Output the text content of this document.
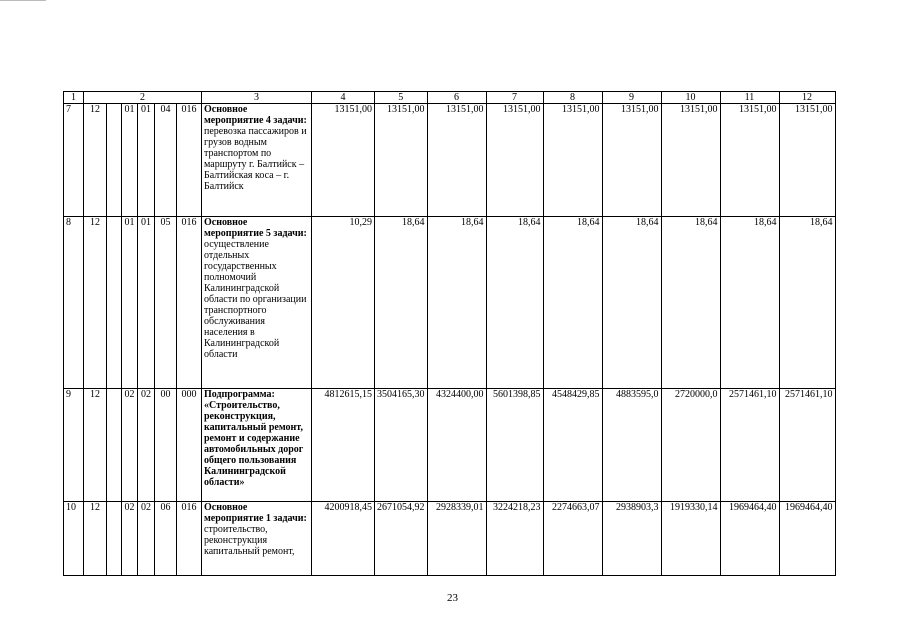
1	2						3	4	5	6	7	8	9	10	11	12
7	12		01	01	04	016	Основное мероприятие 4 задачи: перевозка пассажиров и грузов водным транспортом по маршруту г. Балтийск – Балтийская коса – г. Балтийск	13151,00	13151,00	13151,00	13151,00	13151,00	13151,00	13151,00	13151,00	13151,00
8	12		01	01	05	016	Основное мероприятие 5 задачи: осуществление отдельных государственных полномочий Калининградской области по организации транспортного обслуживания населения в Калининградской области	10,29	18,64	18,64	18,64	18,64	18,64	18,64	18,64	18,64
9	12		02	02	00	000	Подпрограмма: «Строительство, реконструкция, капитальный ремонт, ремонт и содержание автомобильных дорог общего пользования Калининградской области»	4812615,15	3504165,30	4324400,00	5601398,85	4548429,85	4883595,0	2720000,0	2571461,10	2571461,10
10	12		02	02	06	016	Основное мероприятие 1 задачи: строительство, реконструкция капитальный ремонт,	4200918,45	2671054,92	2928339,01	3224218,23	2274663,07	2938903,3	1919330,14	1969464,40	1969464,40
23
